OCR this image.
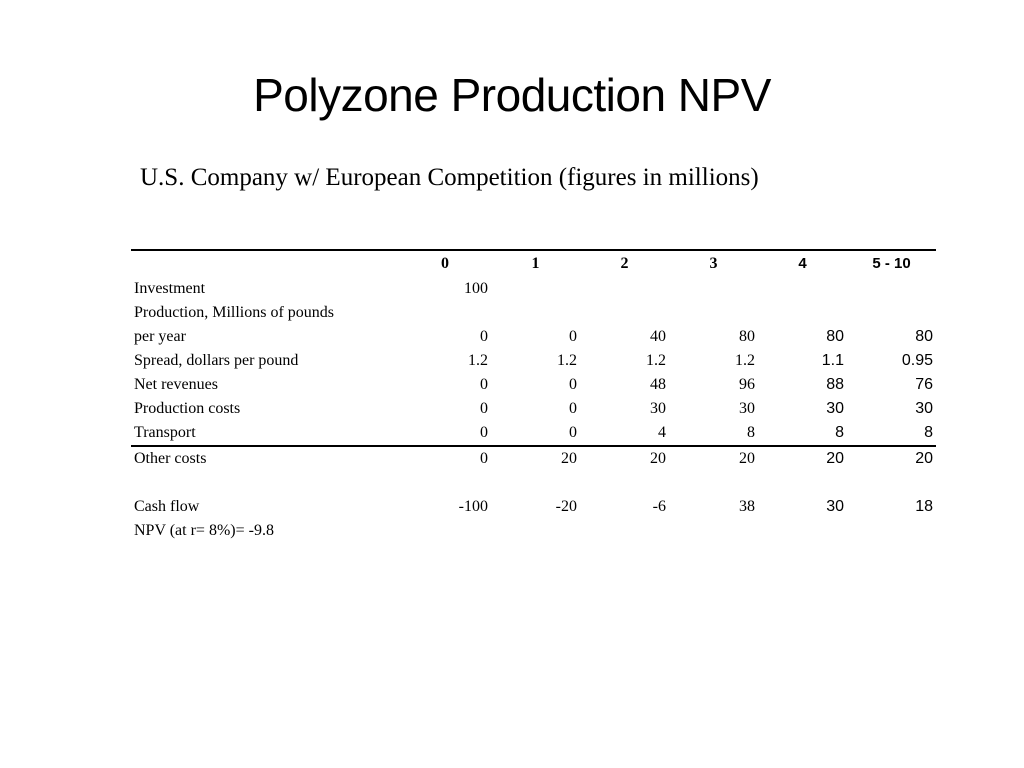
Polyzone Production NPV
U.S. Company w/ European Competition (figures in millions)
	0	1	2	3	4	5 - 10
Investment	100					
Production, Millions of pounds						
per year	0	0	40	80	80	80
Spread, dollars per pound	1.2	1.2	1.2	1.2	1.1	0.95
Net revenues	0	0	48	96	88	76
Production costs	0	0	30	30	30	30
Transport	0	0	4	8	8	8
Other costs	0	20	20	20	20	20

Cash flow	-100	-20	-6	38	30	18
NPV (at r= 8%)= -9.8						
